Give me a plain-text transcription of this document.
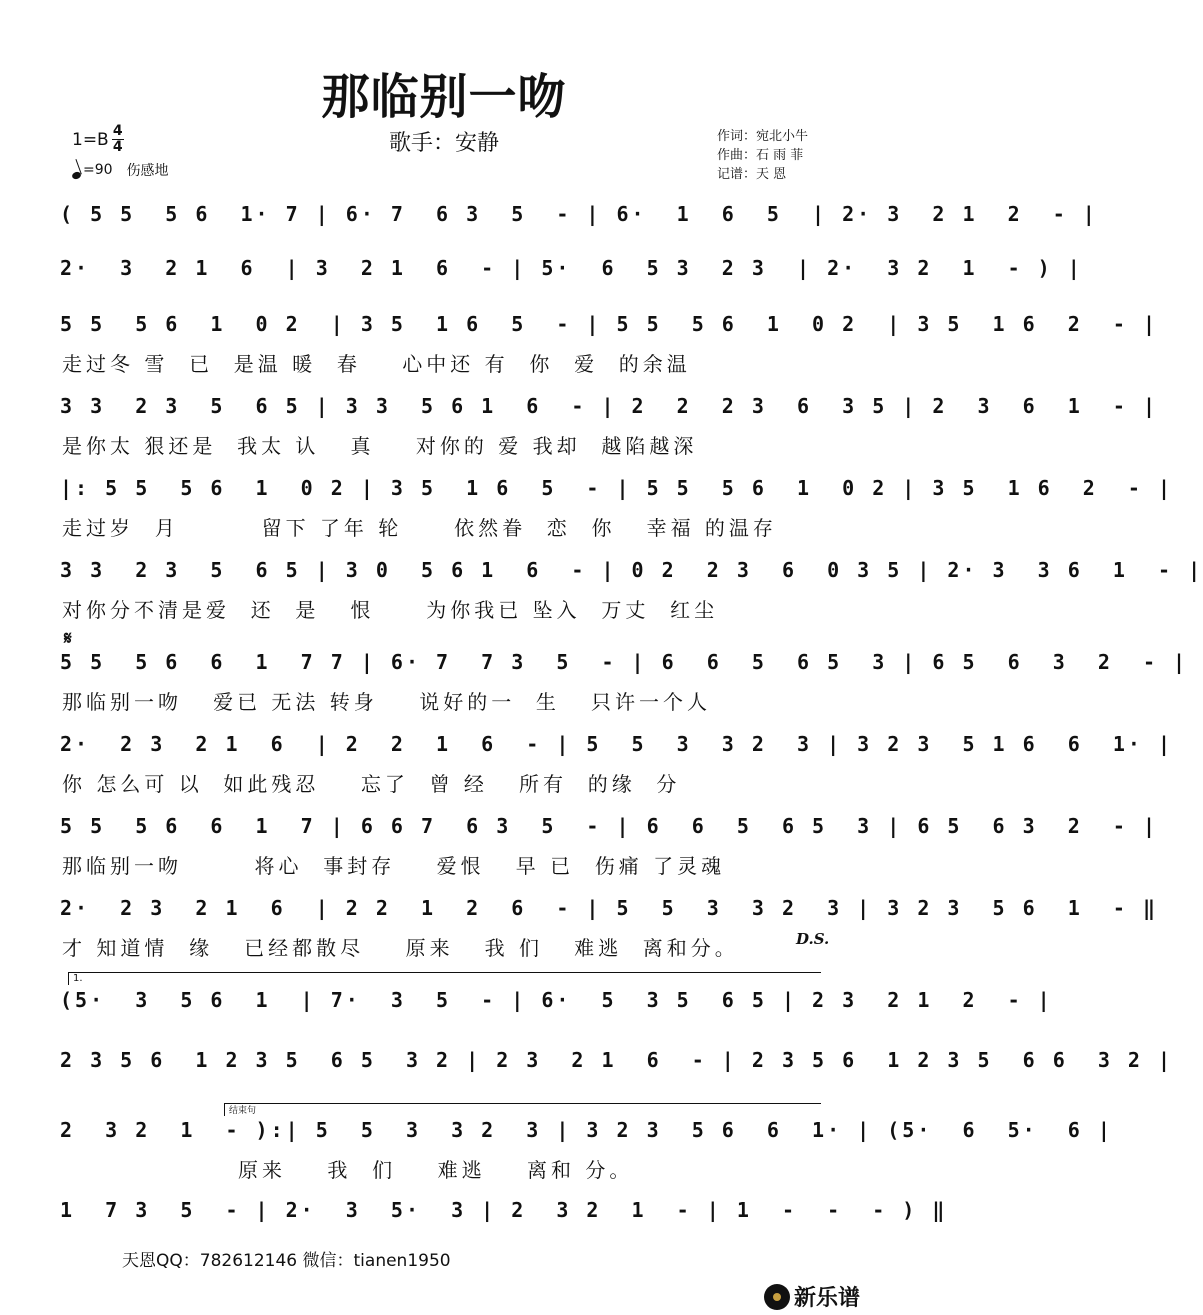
那临别一吻
歌手：安静
$1=B \frac{4}{4}$
=90 伤感地
作词：宛北小牛
作曲：石 雨 菲
记谱：天 恩
( 5 5  5 6  1· 7 | 6· 7  6 3  5  - | 6·  1  6  5  | 2· 3  2 1  2  - |
2·  3  2 1  6  | 3  2 1  6  - | 5·  6  5 3  2 3  | 2·  3 2  1  - ) |
5 5  5 6  1  0 2  | 3 5  1 6  5  - | 5 5  5 6  1  0 2  | 3 5  1 6  2  - |
走过冬 雪  已  是温 暖  春    心中还 有  你  爱  的余温
3 3  2 3  5  6 5 | 3 3  5 6 1  6  - | 2  2  2 3  6  3 5 | 2  3  6  1  - |
是你太 狠还是  我太 认   真    对你的 爱 我却  越陷越深
|: 5 5  5 6  1  0 2 | 3 5  1 6  5  - | 5 5  5 6  1  0 2 | 3 5  1 6  2  - |
走过岁  月        留下 了年 轮     依然眷  恋  你   幸福 的温存
3 3  2 3  5  6 5 | 3 0  5 6 1  6  - | 0 2  2 3  6  0 3 5 | 2· 3  3 6  1  - |
对你分不清是爱  还  是   恨     为你我已 坠入  万丈  红尘
𝄋
5 5  5 6  6  1  7 7 | 6· 7  7 3  5  - | 6  6  5  6 5  3 | 6 5  6  3  2  - |
那临别一吻   爱已 无法 转身    说好的一  生   只许一个人
2·  2 3  2 1  6  | 2  2  1  6  - | 5  5  3  3 2  3 | 3 2 3  5 1 6  6  1· |
你 怎么可 以  如此残忍    忘了  曾 经   所有  的缘  分
5 5  5 6  6  1  7 | 6 6 7  6 3  5  - | 6  6  5  6 5  3 | 6 5  6 3  2  - |
那临别一吻       将心  事封存    爱恨   早 已  伤痛 了灵魂
2·  2 3  2 1  6  | 2 2  1  2  6  - | 5  5  3  3 2  3 | 3 2 3  5 6  1  - ‖
才 知道情  缘   已经都散尽    原来   我 们   难逃  离和分。	D.S.
1.
(5·  3  5 6  1  | 7·  3  5  - | 6·  5  3 5  6 5 | 2 3  2 1  2  - |
2 3 5 6  1 2 3 5  6 5  3 2 | 2 3  2 1  6  - | 2 3 5 6  1 2 3 5  6 6  3 2 |
结束句
2  3 2  1  - ):| 5  5  3  3 2  3 | 3 2 3  5 6  6  1· | (5·  6  5·  6 |
原来    我  们    难逃    离和 分。
1  7 3  5  - | 2·  3  5·  3 | 2  3 2  1  - | 1  -  -  - ) ‖
天恩QQ：782612146 微信：tianen1950
新乐谱
